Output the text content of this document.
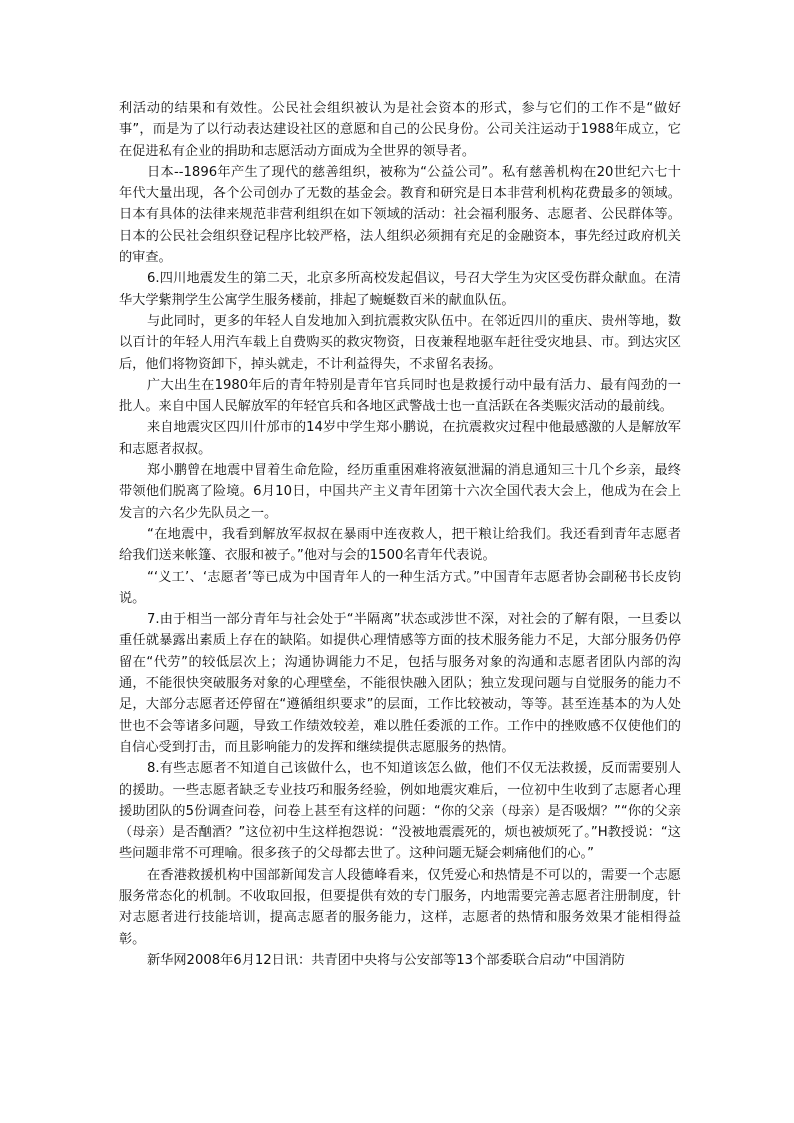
利活动的结果和有效性。公民社会组织被认为是社会资本的形式，参与它们的工作不是“做好事”，而是为了以行动表达建设社区的意愿和自己的公民身份。公司关注运动于1988年成立，它在促进私有企业的捐助和志愿活动方面成为全世界的领导者。

日本--1896年产生了现代的慈善组织，被称为“公益公司”。私有慈善机构在20世纪六七十年代大量出现，各个公司创办了无数的基金会。教育和研究是日本非营利机构花费最多的领域。日本有具体的法律来规范非营利组织在如下领域的活动：社会福利服务、志愿者、公民群体等。日本的公民社会组织登记程序比较严格，法人组织必须拥有充足的金融资本，事先经过政府机关的审查。

6.四川地震发生的第二天，北京多所高校发起倡议，号召大学生为灾区受伤群众献血。在清华大学紫荆学生公寓学生服务楼前，排起了蜿蜒数百米的献血队伍。

与此同时，更多的年轻人自发地加入到抗震救灾队伍中。在邻近四川的重庆、贵州等地，数以百计的年轻人用汽车载上自费购买的救灾物资，日夜兼程地驱车赶往受灾地县、市。到达灾区后，他们将物资卸下，掉头就走，不计利益得失，不求留名表扬。

广大出生在1980年后的青年特别是青年官兵同时也是救援行动中最有活力、最有闯劲的一批人。来自中国人民解放军的年轻官兵和各地区武警战士也一直活跃在各类赈灾活动的最前线。

来自地震灾区四川什邡市的14岁中学生郑小鹏说，在抗震救灾过程中他最感激的人是解放军和志愿者叔叔。

郑小鹏曾在地震中冒着生命危险，经历重重困难将液氨泄漏的消息通知三十几个乡亲，最终带领他们脱离了险境。6月10日，中国共产主义青年团第十六次全国代表大会上，他成为在会上发言的六名少先队员之一。

“在地震中，我看到解放军叔叔在暴雨中连夜救人，把干粮让给我们。我还看到青年志愿者给我们送来帐篷、衣服和被子。”他对与会的1500名青年代表说。

“‘义工’、‘志愿者’等已成为中国青年人的一种生活方式。”中国青年志愿者协会副秘书长皮钧说。

7.由于相当一部分青年与社会处于“半隔离”状态或涉世不深，对社会的了解有限，一旦委以重任就暴露出素质上存在的缺陷。如提供心理情感等方面的技术服务能力不足，大部分服务仍停留在“代劳”的较低层次上；沟通协调能力不足，包括与服务对象的沟通和志愿者团队内部的沟通，不能很快突破服务对象的心理壁垒，不能很快融入团队；独立发现问题与自觉服务的能力不足，大部分志愿者还停留在“遵循组织要求”的层面，工作比较被动，等等。甚至连基本的为人处世也不会等诸多问题，导致工作绩效较差，难以胜任委派的工作。工作中的挫败感不仅使他们的自信心受到打击，而且影响能力的发挥和继续提供志愿服务的热情。

8.有些志愿者不知道自己该做什么，也不知道该怎么做，他们不仅无法救援，反而需要别人的援助。一些志愿者缺乏专业技巧和服务经验，例如地震灾难后，一位初中生收到了志愿者心理援助团队的5份调查问卷，问卷上甚至有这样的问题：“你的父亲（母亲）是否吸烟？”“你的父亲（母亲）是否酗酒？”这位初中生这样抱怨说：“没被地震震死的，烦也被烦死了。”H教授说：“这些问题非常不可理喻。很多孩子的父母都去世了。这种问题无疑会刺痛他们的心。”

在香港救援机构中国部新闻发言人段德峰看来，仅凭爱心和热情是不可以的，需要一个志愿服务常态化的机制。不收取回报，但要提供有效的专门服务，内地需要完善志愿者注册制度，针对志愿者进行技能培训，提高志愿者的服务能力，这样，志愿者的热情和服务效果才能相得益彰。

新华网2008年6月12日讯：共青团中央将与公安部等13个部委联合启动“中国消防
